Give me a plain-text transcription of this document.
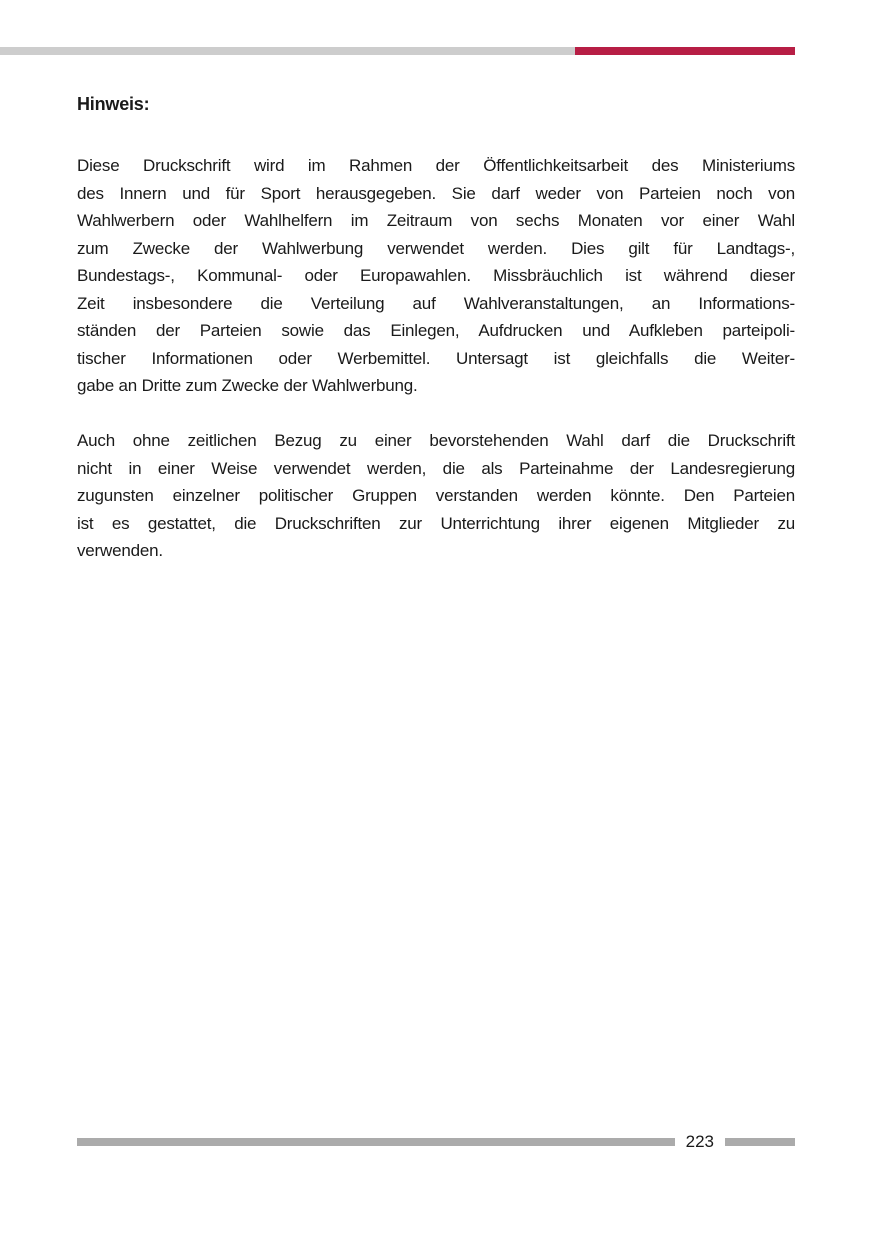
Hinweis:
Diese Druckschrift wird im Rahmen der Öffentlichkeitsarbeit des Ministeriums
des Innern und für Sport herausgegeben. Sie darf weder von Parteien noch von
Wahlwerbern oder Wahlhelfern im Zeitraum von sechs Monaten vor einer Wahl
zum Zwecke der Wahlwerbung verwendet werden. Dies gilt für Landtags-,
Bundestags-, Kommunal- oder Europawahlen. Missbräuchlich ist während dieser
Zeit insbesondere die Verteilung auf Wahlveranstaltungen, an Informations-
ständen der Parteien sowie das Einlegen, Aufdrucken und Aufkleben parteipoli-
tischer Informationen oder Werbemittel. Untersagt ist gleichfalls die Weiter-
gabe an Dritte zum Zwecke der Wahlwerbung.
Auch ohne zeitlichen Bezug zu einer bevorstehenden Wahl darf die Druckschrift
nicht in einer Weise verwendet werden, die als Parteinahme der Landesregierung
zugunsten einzelner politischer Gruppen verstanden werden könnte. Den Parteien
ist es gestattet, die Druckschriften zur Unterrichtung ihrer eigenen Mitglieder zu
verwenden.
223
